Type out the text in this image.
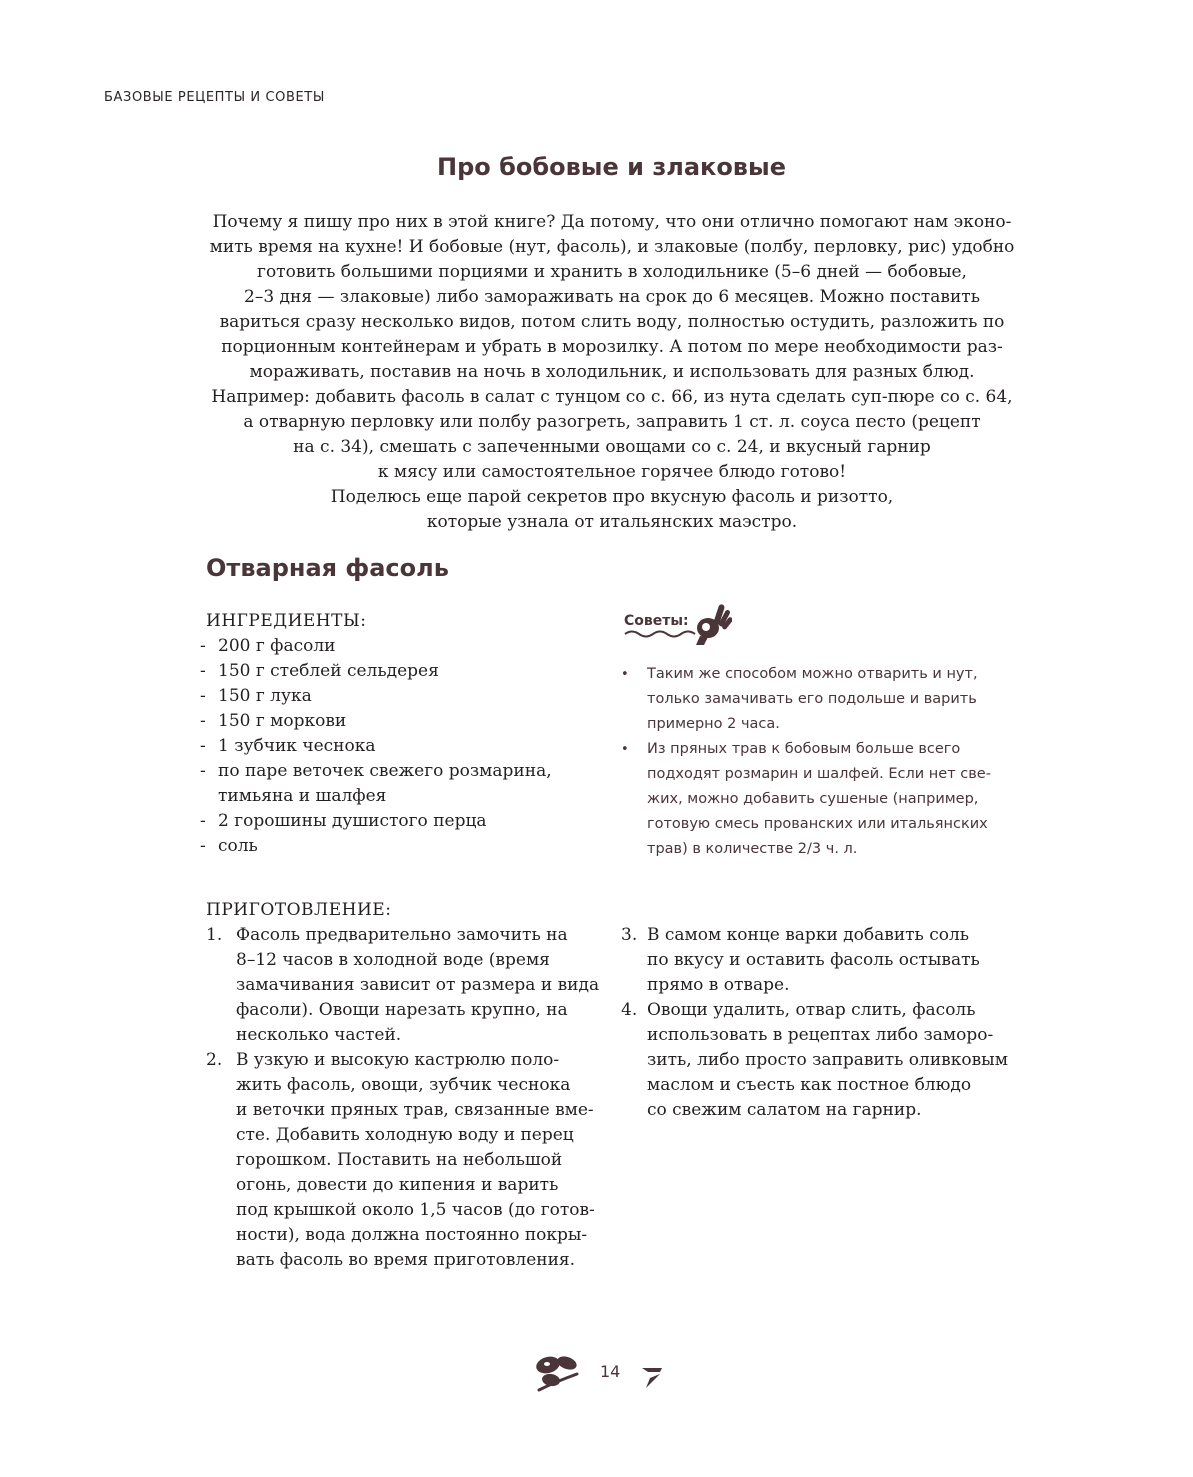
БАЗОВЫЕ РЕЦЕПТЫ И СОВЕТЫ
Про бобовые и злаковые
Почему я пишу про них в этой книге? Да потому, что они отлично помогают нам эконо-
мить время на кухне! И бобовые (нут, фасоль), и злаковые (полбу, перловку, рис) удобно
готовить большими порциями и хранить в холодильнике (5–6 дней — бобовые,
2–3 дня — злаковые) либо замораживать на срок до 6 месяцев. Можно поставить
вариться сразу несколько видов, потом слить воду, полностью остудить, разложить по
порционным контейнерам и убрать в морозилку. А потом по мере необходимости раз-
мораживать, поставив на ночь в холодильник, и использовать для разных блюд.
Например: добавить фасоль в салат с тунцом со с. 66, из нута сделать суп-пюре со с. 64,
а отварную перловку или полбу разогреть, заправить 1 ст. л. соуса песто (рецепт
на с. 34), смешать с запеченными овощами со с. 24, и вкусный гарнир
к мясу или самостоятельное горячее блюдо готово!
Поделюсь еще парой секретов про вкусную фасоль и ризотто,
которые узнала от итальянских маэстро.
Отварная фасоль
ИНГРЕДИЕНТЫ:
- 200 г фасоли
- 150 г стеблей сельдерея
- 150 г лука
- 150 г моркови
- 1 зубчик чеснока
- по паре веточек свежего розмарина,
тимьяна и шалфея
- 2 горошины душистого перца
- соль
Советы:
•	Таким же способом можно отварить и нут,
только замачивать его подольше и варить
примерно 2 часа.
•	Из пряных трав к бобовым больше всего
подходят розмарин и шалфей. Если нет све-
жих, можно добавить сушеные (например,
готовую смесь прованских или итальянских
трав) в количестве 2/3 ч. л.
ПРИГОТОВЛЕНИЕ:
1. Фасоль предварительно замочить на
8–12 часов в холодной воде (время
замачивания зависит от размера и вида
фасоли). Овощи нарезать крупно, на
несколько частей.
2. В узкую и высокую кастрюлю поло-
жить фасоль, овощи, зубчик чеснока
и веточки пряных трав, связанные вме-
сте. Добавить холодную воду и перец
горошком. Поставить на небольшой
огонь, довести до кипения и варить
под крышкой около 1,5 часов (до готов-
ности), вода должна постоянно покры-
вать фасоль во время приготовления.
3. В самом конце варки добавить соль
по вкусу и оставить фасоль остывать
прямо в отваре.
4. Овощи удалить, отвар слить, фасоль
использовать в рецептах либо заморо-
зить, либо просто заправить оливковым
маслом и съесть как постное блюдо
со свежим салатом на гарнир.
14
